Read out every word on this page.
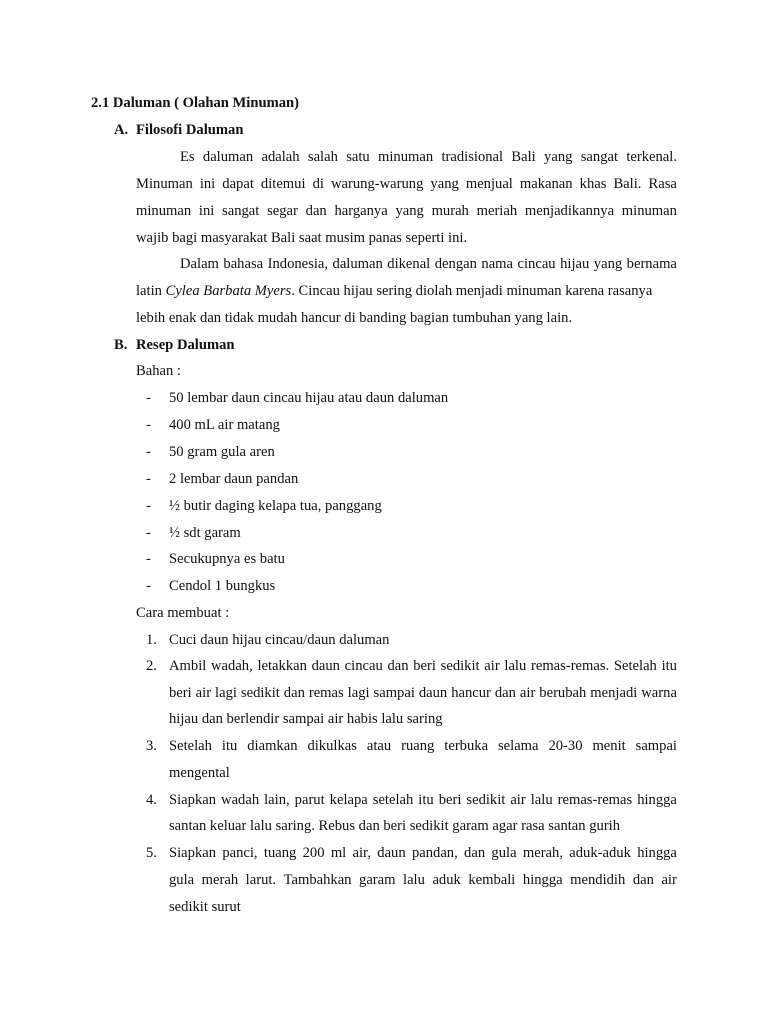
2.1 Daluman ( Olahan Minuman)
A. Filosofi Daluman
Es daluman adalah salah satu minuman tradisional Bali yang sangat terkenal.
Minuman ini dapat ditemui di warung-warung yang menjual makanan khas Bali. Rasa
minuman ini sangat segar dan harganya yang murah meriah menjadikannya minuman
wajib bagi masyarakat Bali saat musim panas seperti ini.
Dalam bahasa Indonesia, daluman dikenal dengan nama cincau hijau yang bernama
latin Cylea Barbata Myers . Cincau hijau sering diolah menjadi minuman karena rasanya
lebih enak dan tidak mudah hancur di banding bagian tumbuhan yang lain.
B. Resep Daluman
Bahan :
- 50 lembar daun cincau hijau atau daun daluman
- 400 mL air matang
- 50 gram gula aren
- 2 lembar daun pandan
- ½ butir daging kelapa tua, panggang
- ½ sdt garam
- Secukupnya es batu
- Cendol 1 bungkus
Cara membuat :
1. Cuci daun hijau cincau/daun daluman
2. Ambil wadah, letakkan daun cincau dan beri sedikit air lalu remas-remas. Setelah itu
beri air lagi sedikit dan remas lagi sampai daun hancur dan air berubah menjadi warna
hijau dan berlendir sampai air habis lalu saring
3. Setelah itu diamkan dikulkas atau ruang terbuka selama 20-30 menit sampai
mengental
4. Siapkan wadah lain, parut kelapa setelah itu beri sedikit air lalu remas-remas hingga
santan keluar lalu saring. Rebus dan beri sedikit garam agar rasa santan gurih
5. Siapkan panci, tuang 200 ml air, daun pandan, dan gula merah, aduk-aduk hingga
gula merah larut. Tambahkan garam lalu aduk kembali hingga mendidih dan air
sedikit surut
